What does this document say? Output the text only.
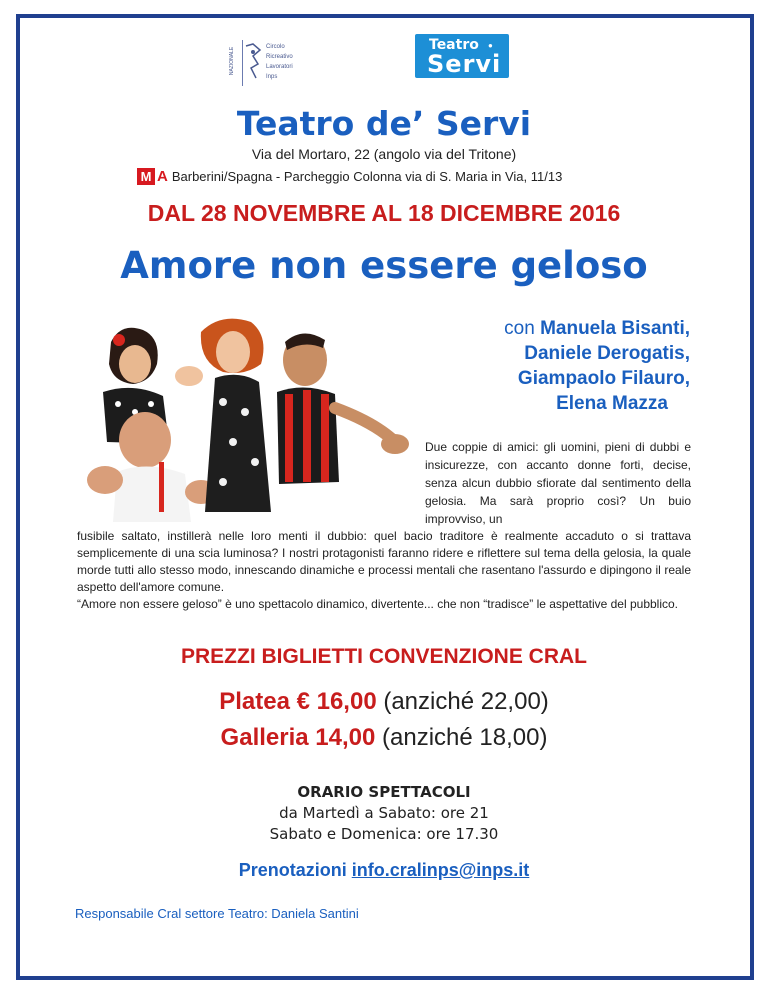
NAZIONALE	Circolo
Ricreativo
Lavoratori
Inps
Teatro ●
Servi
Teatro de’ Servi
Via del Mortaro, 22 (angolo via del Tritone)
M A Barberini/Spagna - Parcheggio Colonna via di S. Maria in Via, 11/13
DAL 28 NOVEMBRE AL 18 DICEMBRE 2016
Amore non essere geloso
con Manuela Bisanti,
Daniele Derogatis,
Giampaolo Filauro,
Elena Mazza
Due coppie di amici: gli uomini, pieni di dubbi e insicurezze, con accanto donne forti, decise, senza alcun dubbio sfiorate dal sentimento della gelosia. Ma sarà proprio così? Un buio improvviso, un
fusibile saltato, instillerà nelle loro menti il dubbio: quel bacio traditore è realmente accaduto o si trattava semplicemente di una scia luminosa? I nostri protagonisti faranno ridere e riflettere sul tema della gelosia, la quale morde tutti allo stesso modo, innescando dinamiche e processi mentali che rasentano l'assurdo e dipingono il reale aspetto dell'amore comune.
“Amore non essere geloso” è uno spettacolo dinamico, divertente... che non “tradisce” le aspettative del pubblico.
PREZZI BIGLIETTI CONVENZIONE CRAL
Platea € 16,00 (anziché 22,00)
Galleria 14,00 (anziché 18,00)
ORARIO SPETTACOLI
da Martedì a Sabato: ore 21
Sabato e Domenica: ore 17.30
Prenotazioni info.cralinps@inps.it
Responsabile Cral settore Teatro: Daniela Santini
